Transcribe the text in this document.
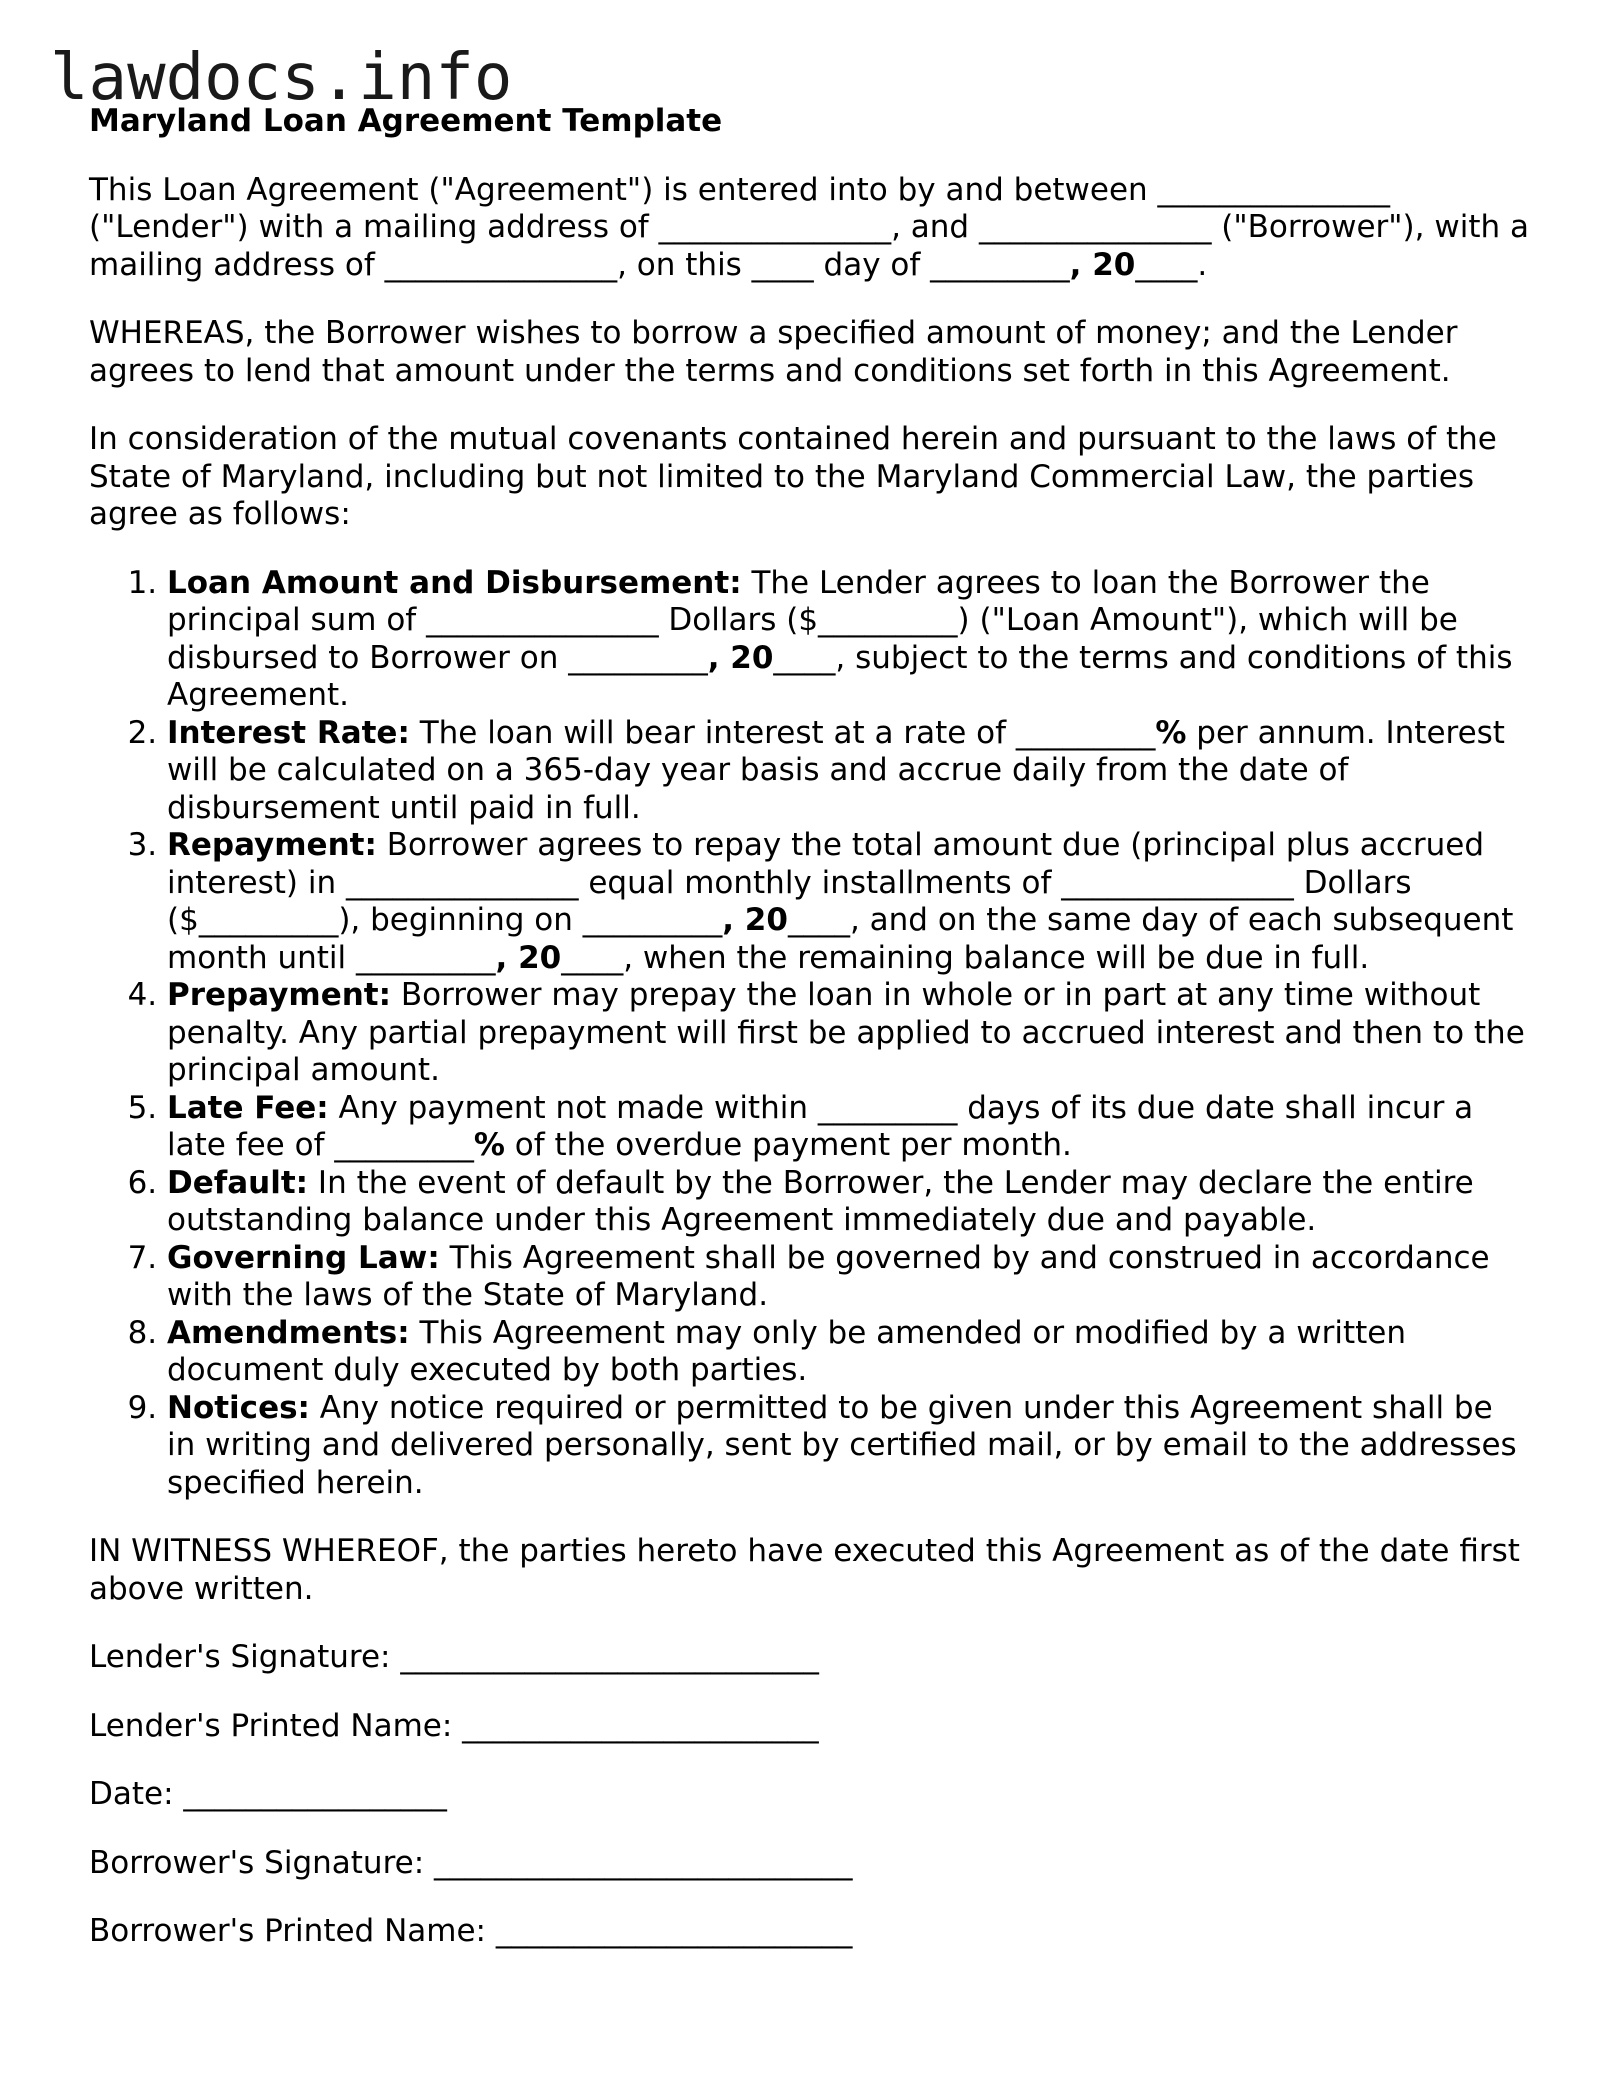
lawdocs.info
Maryland Loan Agreement Template

This Loan Agreement ("Agreement") is entered into by and between _______________ ("Lender") with a mailing address of _______________, and _______________ ("Borrower"), with a mailing address of _______________, on this ____ day of _________, 20____.

WHEREAS, the Borrower wishes to borrow a specified amount of money; and the Lender agrees to lend that amount under the terms and conditions set forth in this Agreement.

In consideration of the mutual covenants contained herein and pursuant to the laws of the State of Maryland, including but not limited to the Maryland Commercial Law, the parties agree as follows:

1. Loan Amount and Disbursement: The Lender agrees to loan the Borrower the principal sum of _______________ Dollars ($_________) ("Loan Amount"), which will be disbursed to Borrower on _________, 20____, subject to the terms and conditions of this Agreement.
2. Interest Rate: The loan will bear interest at a rate of _________% per annum. Interest will be calculated on a 365-day year basis and accrue daily from the date of disbursement until paid in full.
3. Repayment: Borrower agrees to repay the total amount due (principal plus accrued interest) in _______________ equal monthly installments of _______________ Dollars ($_________), beginning on _________, 20____, and on the same day of each subsequent month until _________, 20____, when the remaining balance will be due in full.
4. Prepayment: Borrower may prepay the loan in whole or in part at any time without penalty. Any partial prepayment will first be applied to accrued interest and then to the principal amount.
5. Late Fee: Any payment not made within _________ days of its due date shall incur a late fee of _________% of the overdue payment per month.
6. Default: In the event of default by the Borrower, the Lender may declare the entire outstanding balance under this Agreement immediately due and payable.
7. Governing Law: This Agreement shall be governed by and construed in accordance with the laws of the State of Maryland.
8. Amendments: This Agreement may only be amended or modified by a written document duly executed by both parties.
9. Notices: Any notice required or permitted to be given under this Agreement shall be in writing and delivered personally, sent by certified mail, or by email to the addresses specified herein.

IN WITNESS WHEREOF, the parties hereto have executed this Agreement as of the date first above written.

Lender's Signature: ___________________________
Lender's Printed Name: _______________________
Date: _________________
Borrower's Signature: ___________________________
Borrower's Printed Name: _______________________
